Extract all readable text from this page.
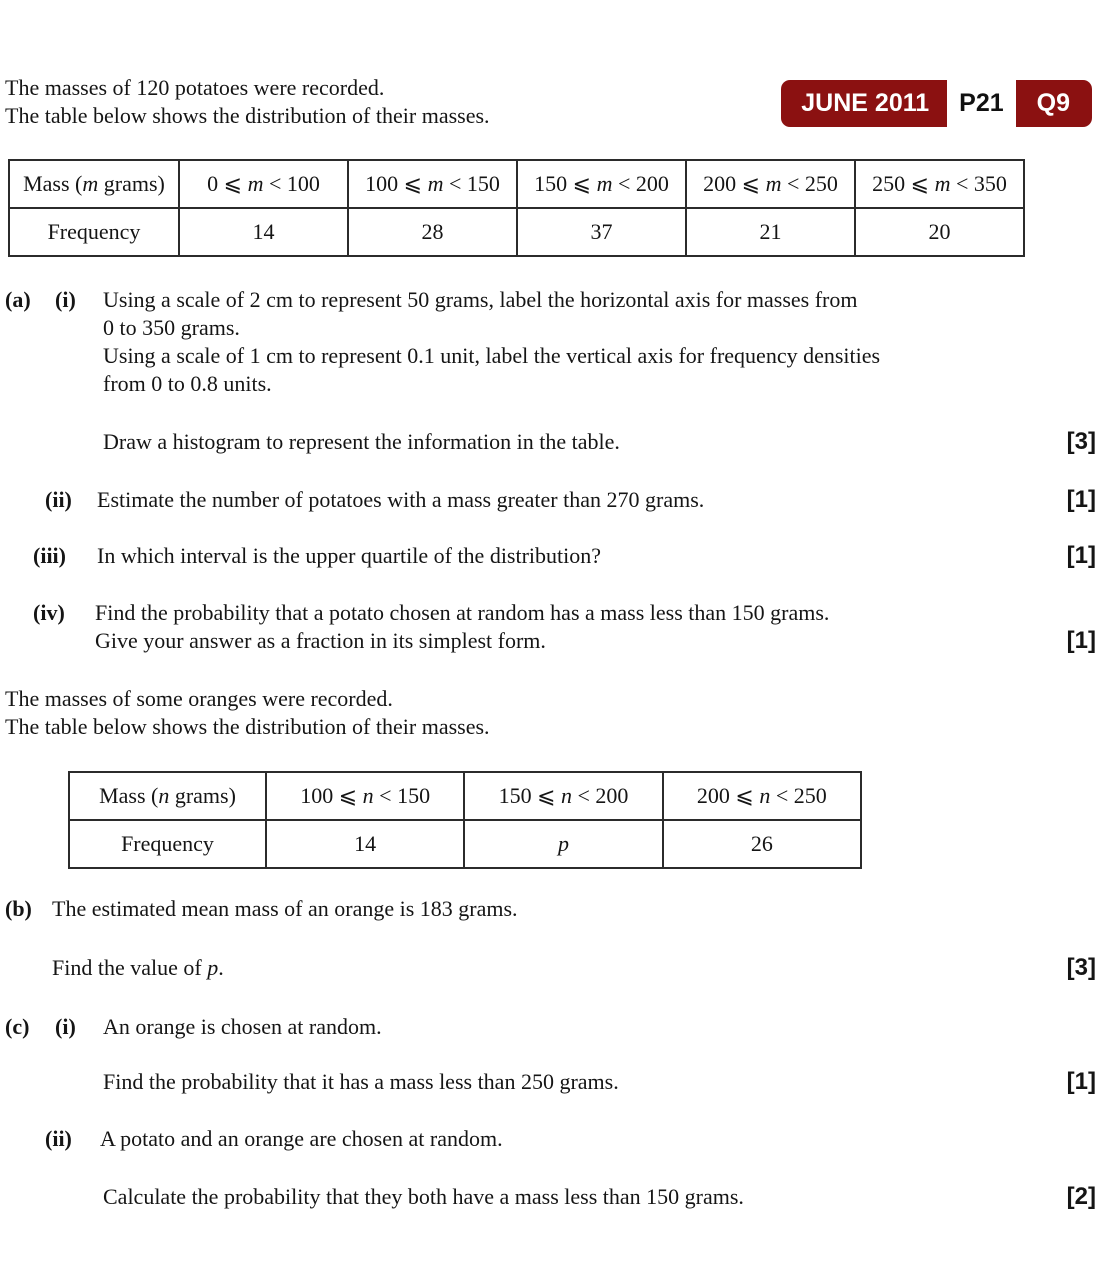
JUNE 2011	P21	Q9
The masses of 120 potatoes were recorded.
The table below shows the distribution of their masses.
Mass (m grams)	0 ⩽ m < 100	100 ⩽ m < 150	150 ⩽ m < 200	200 ⩽ m < 250	250 ⩽ m < 350
Frequency	14	28	37	21	20
(a)	(i)	Using a scale of 2 cm to represent 50 grams, label the horizontal axis for masses from
0 to 350 grams.
Using a scale of 1 cm to represent 0.1 unit, label the vertical axis for frequency densities
from 0 to 0.8 units.
Draw a histogram to represent the information in the table.	[3]
(ii)	Estimate the number of potatoes with a mass greater than 270 grams.	[1]
(iii)	In which interval is the upper quartile of the distribution?	[1]
(iv)	Find the probability that a potato chosen at random has a mass less than 150 grams.
Give your answer as a fraction in its simplest form.	[1]
The masses of some oranges were recorded.
The table below shows the distribution of their masses.
Mass (n grams)	100 ⩽ n < 150	150 ⩽ n < 200	200 ⩽ n < 250
Frequency	14	p	26
(b) The estimated mean mass of an orange is 183 grams.
Find the value of p.	[3]
(c)	(i)	An orange is chosen at random.
Find the probability that it has a mass less than 250 grams.	[1]
(ii)	A potato and an orange are chosen at random.
Calculate the probability that they both have a mass less than 150 grams.	[2]
